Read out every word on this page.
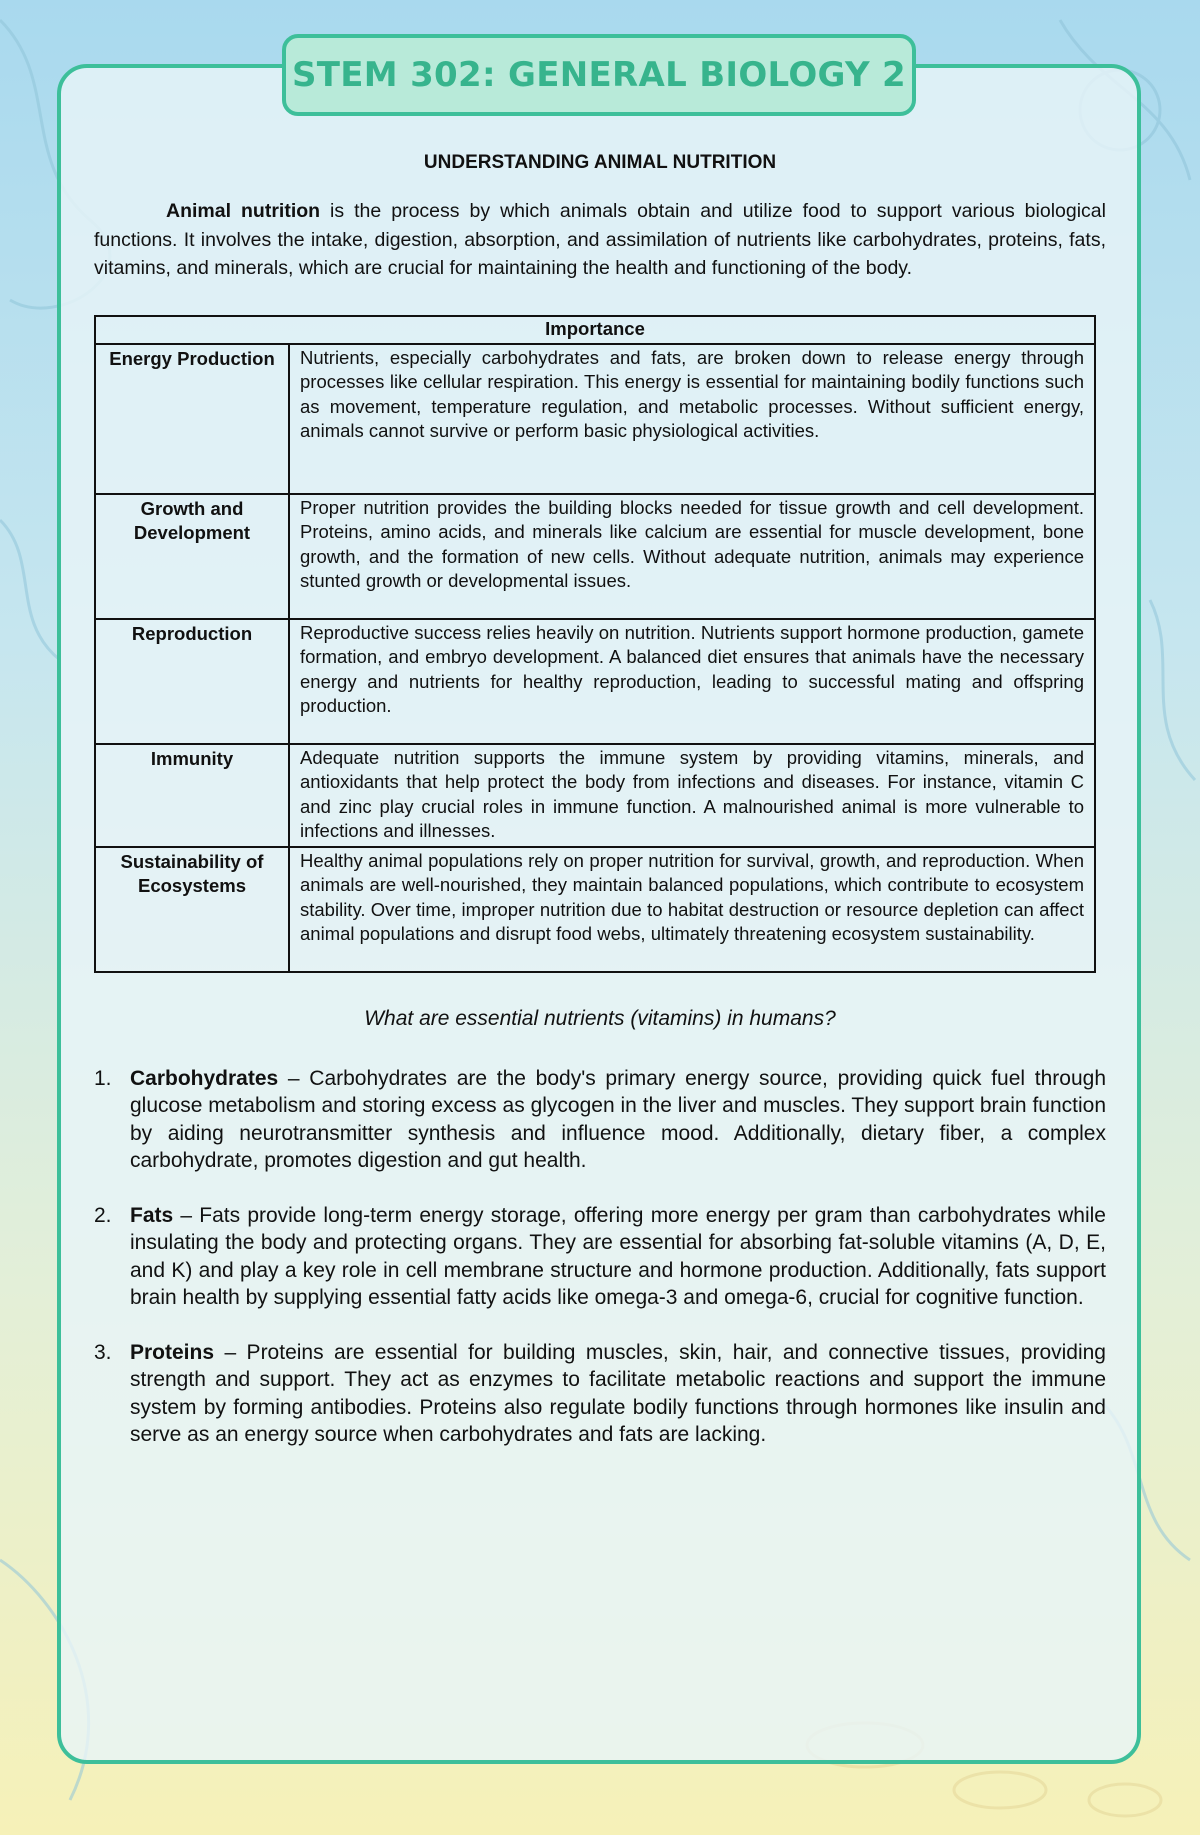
STEM 302: GENERAL BIOLOGY 2
UNDERSTANDING ANIMAL NUTRITION

Animal nutrition is the process by which animals obtain and utilize food to support various biological functions. It involves the intake, digestion, absorption, and assimilation of nutrients like carbohydrates, proteins, fats, vitamins, and minerals, which are crucial for maintaining the health and functioning of the body.

Importance	
Energy Production	Nutrients, especially carbohydrates and fats, are broken down to release energy through processes like cellular respiration. This energy is essential for maintaining bodily functions such as movement, temperature regulation, and metabolic processes. Without sufficient energy, animals cannot survive or perform basic physiological activities.
Growth and Development	Proper nutrition provides the building blocks needed for tissue growth and cell development. Proteins, amino acids, and minerals like calcium are essential for muscle development, bone growth, and the formation of new cells. Without adequate nutrition, animals may experience stunted growth or developmental issues.
Reproduction	Reproductive success relies heavily on nutrition. Nutrients support hormone production, gamete formation, and embryo development. A balanced diet ensures that animals have the necessary energy and nutrients for healthy reproduction, leading to successful mating and offspring production.
Immunity	Adequate nutrition supports the immune system by providing vitamins, minerals, and antioxidants that help protect the body from infections and diseases. For instance, vitamin C and zinc play crucial roles in immune function. A malnourished animal is more vulnerable to infections and illnesses.
Sustainability of Ecosystems	Healthy animal populations rely on proper nutrition for survival, growth, and reproduction. When animals are well-nourished, they maintain balanced populations, which contribute to ecosystem stability. Over time, improper nutrition due to habitat destruction or resource depletion can affect animal populations and disrupt food webs, ultimately threatening ecosystem sustainability.
What are essential nutrients (vitamins) in humans?
1. Carbohydrates – Carbohydrates are the body's primary energy source, providing quick fuel through glucose metabolism and storing excess as glycogen in the liver and muscles. They support brain function by aiding neurotransmitter synthesis and influence mood. Additionally, dietary fiber, a complex carbohydrate, promotes digestion and gut health.
2. Fats – Fats provide long-term energy storage, offering more energy per gram than carbohydrates while insulating the body and protecting organs. They are essential for absorbing fat-soluble vitamins (A, D, E, and K) and play a key role in cell membrane structure and hormone production. Additionally, fats support brain health by supplying essential fatty acids like omega-3 and omega-6, crucial for cognitive function.
3. Proteins – Proteins are essential for building muscles, skin, hair, and connective tissues, providing strength and support. They act as enzymes to facilitate metabolic reactions and support the immune system by forming antibodies. Proteins also regulate bodily functions through hormones like insulin and serve as an energy source when carbohydrates and fats are lacking.
